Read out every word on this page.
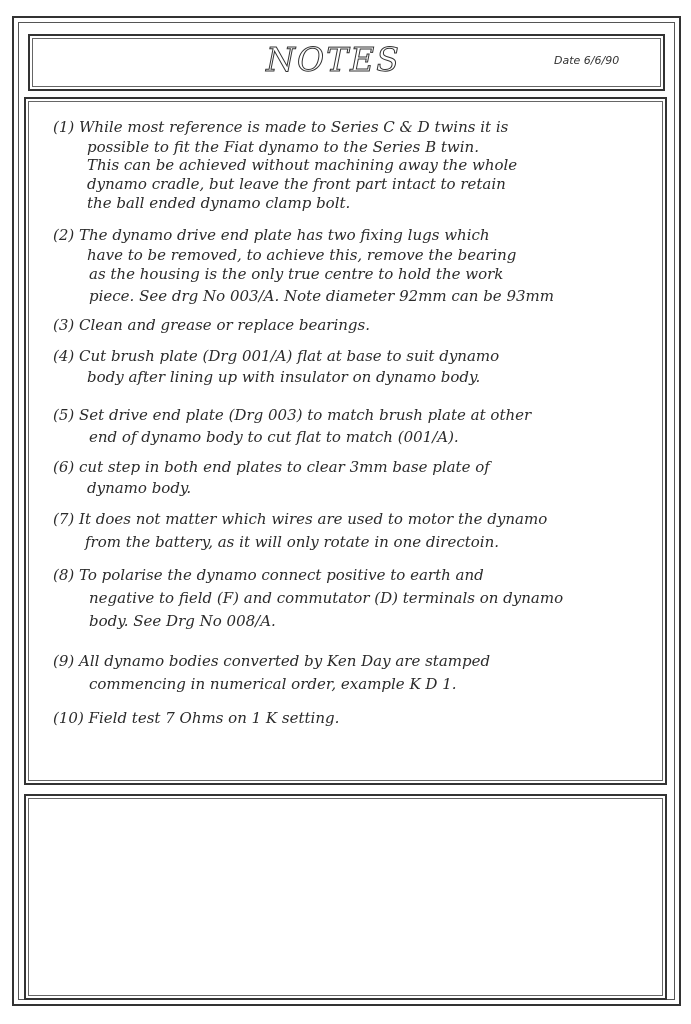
NOTES	Date 6/6/90
(1) While most reference is made to Series C & D twins it is
possible to fit the Fiat dynamo to the Series B twin.
This can be achieved without machining away the whole
dynamo cradle, but leave the front part intact to retain
the ball ended dynamo clamp bolt.
(2) The dynamo drive end plate has two fixing lugs which
have to be removed, to achieve this, remove the bearing
as the housing is the only true centre to hold the work
piece. See drg No 003/A. Note diameter 92mm can be 93mm
(3) Clean and grease or replace bearings.
(4) Cut brush plate (Drg 001/A) flat at base to suit dynamo
body after lining up with insulator on dynamo body.
(5) Set drive end plate (Drg 003) to match brush plate at other
end of dynamo body to cut flat to match (001/A).
(6) cut step in both end plates to clear 3mm base plate of
dynamo body.
(7) It does not matter which wires are used to motor the dynamo
from the battery, as it will only rotate in one directoin.
(8) To polarise the dynamo connect positive to earth and
negative to field (F) and commutator (D) terminals on dynamo
body. See Drg No 008/A.
(9) All dynamo bodies converted by Ken Day are stamped
commencing in numerical order, example K D 1.
(10) Field test 7 Ohms on 1 K setting.
